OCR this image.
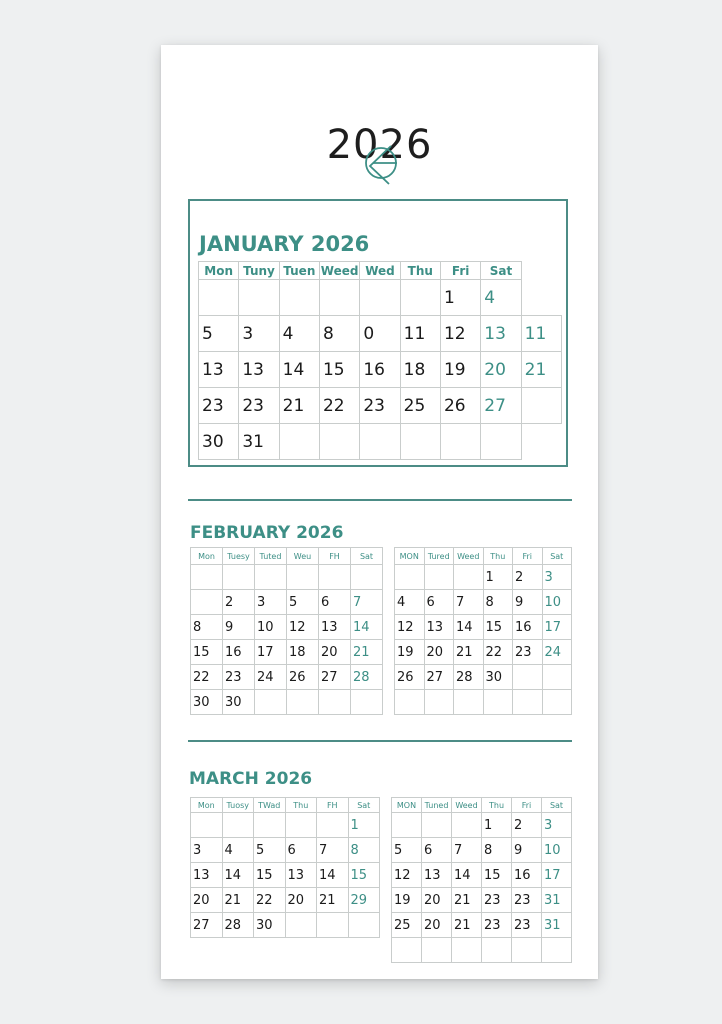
2026
JANUARY 2026
FEBRUARY 2026
MARCH 2026
Mon	Tuny	Tuen	Weed	Wed	Thu	Fri	Sat	
						1	4	
5	3	4	8	0	11	12	13	11
13	13	14	15	16	18	19	20	21
23	23	21	22	23	25	26	27	
30	31							
Mon	Tuesy	Tuted	Weu	FH	Sat

	2	3	5	6	7
8	9	10	12	13	14
15	16	17	18	20	21
22	23	24	26	27	28
30	30				
MON	Tured	Weed	Thu	Fri	Sat
			1	2	3
4	6	7	8	9	10
12	13	14	15	16	17
19	20	21	22	23	24
26	27	28	30		

Mon	Tuosy	TWad	Thu	FH	Sat
					1
3	4	5	6	7	8
13	14	15	13	14	15
20	21	22	20	21	29
27	28	30			
MON	Tuned	Weed	Thu	Fri	Sat
			1	2	3
5	6	7	8	9	10
12	13	14	15	16	17
19	20	21	23	23	31
25	20	21	23	23	31
